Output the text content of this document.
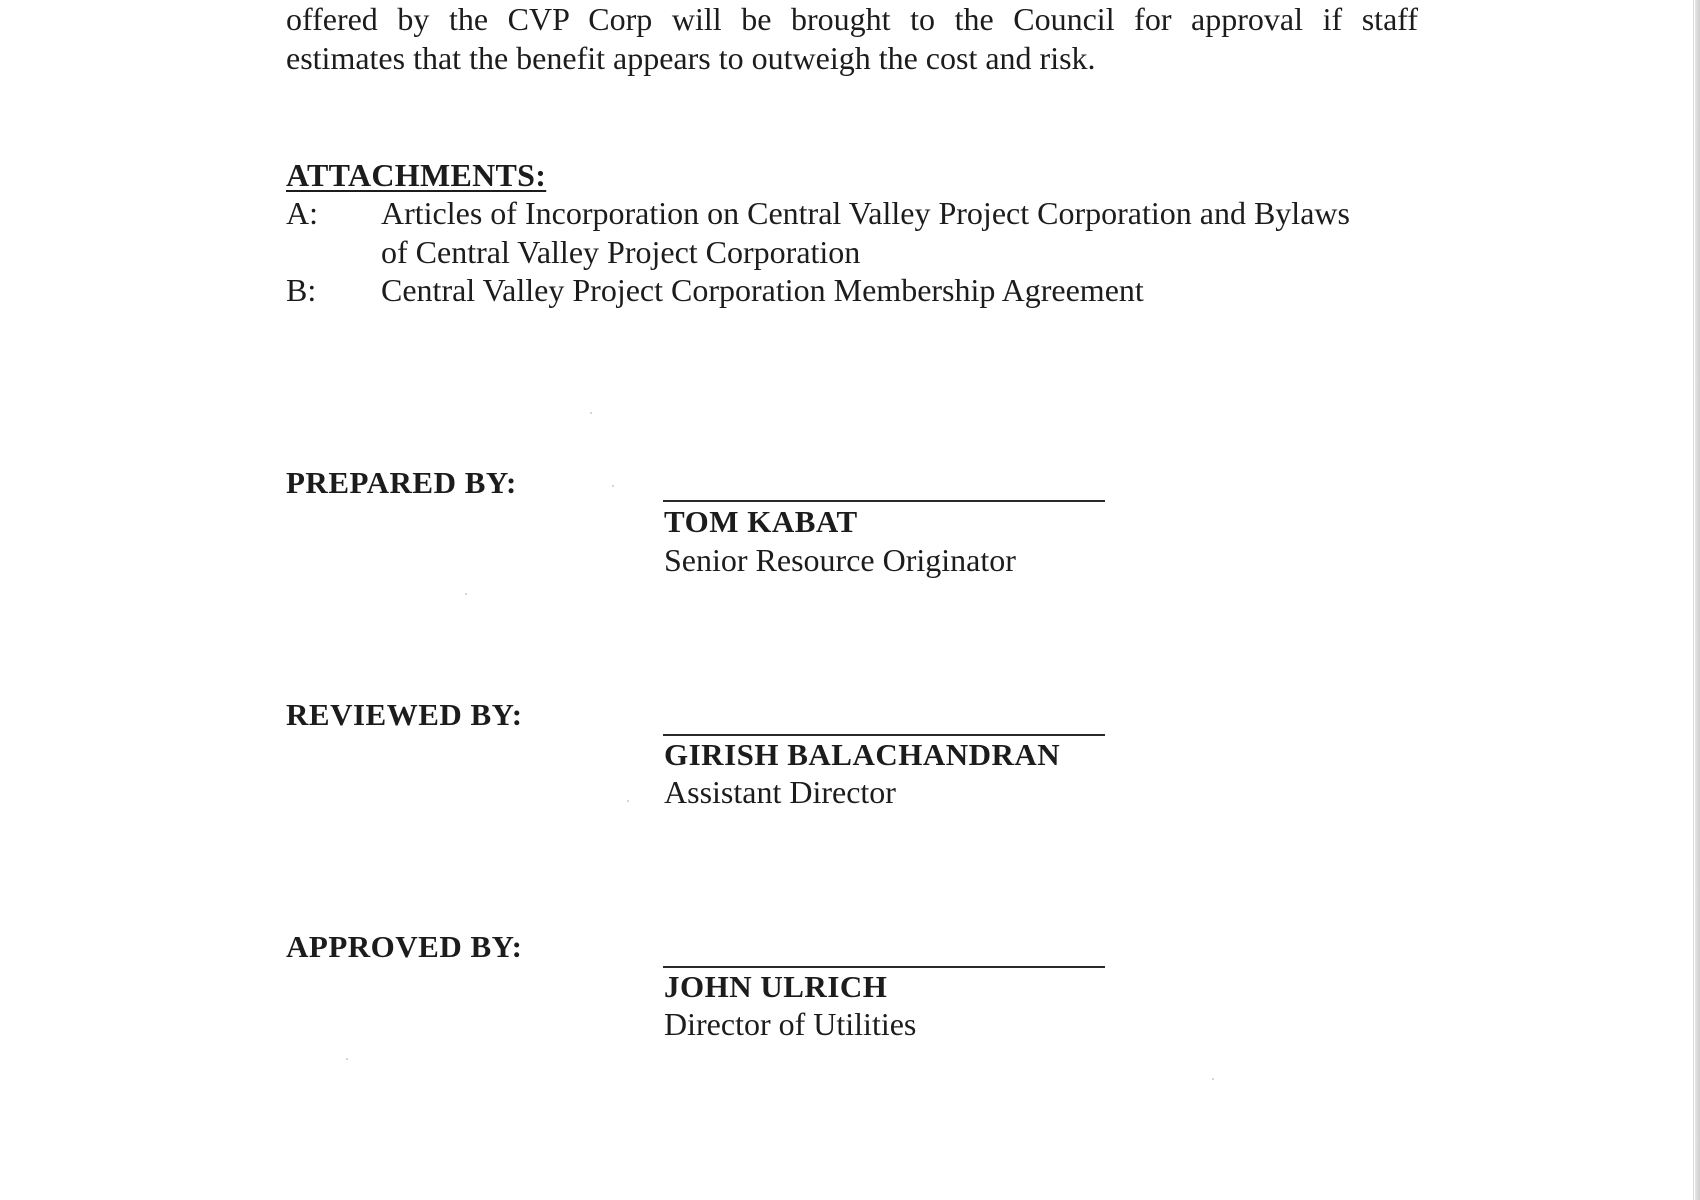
offered by the CVP Corp will be brought to the Council for approval if staff
estimates that the benefit appears to outweigh the cost and risk.
ATTACHMENTS:
A:	Articles of Incorporation on Central Valley Project Corporation and Bylaws
of Central Valley Project Corporation
B:	Central Valley Project Corporation Membership Agreement
PREPARED BY:
TOM KABAT
Senior Resource Originator
REVIEWED BY:
GIRISH BALACHANDRAN
Assistant Director
APPROVED BY:
JOHN ULRICH
Director of Utilities
